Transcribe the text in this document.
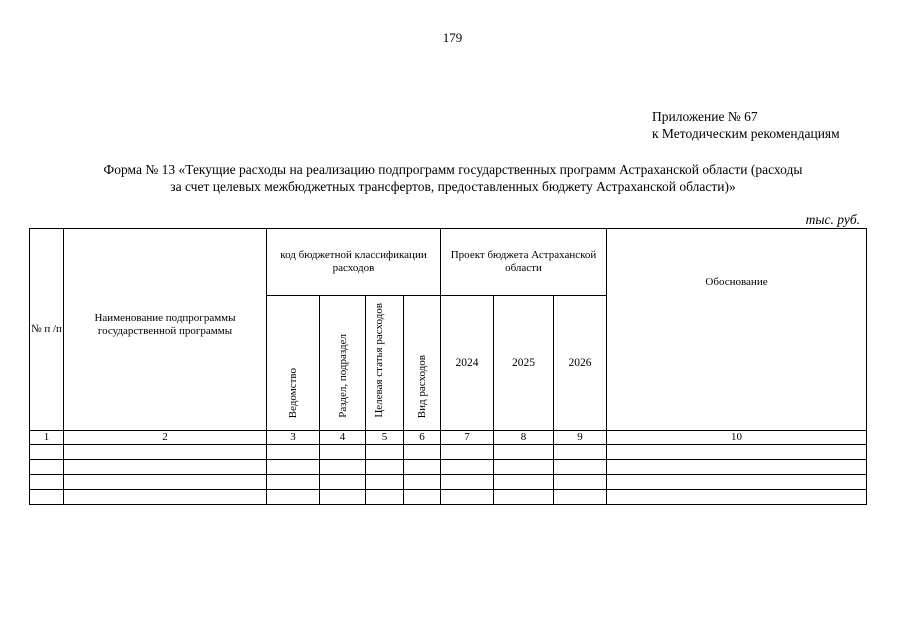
179
Приложение № 67
к Методическим рекомендациям
Форма № 13 «Текущие расходы на реализацию подпрограмм государственных программ Астраханской области (расходы
за счет целевых межбюджетных трансфертов, предоставленных бюджету Астраханской области)»
тыс. руб.
№ п /п	Наименование подпрограммы государственной программы	код бюджетной классификации расходов				Проект бюджета Астраханской области			Обоснование
		Ведомство	Раздел, подраздел	Целевая статья расходов	Вид расходов	2024	2025	2026	
1	2	3	4	5	6	7	8	9	10
